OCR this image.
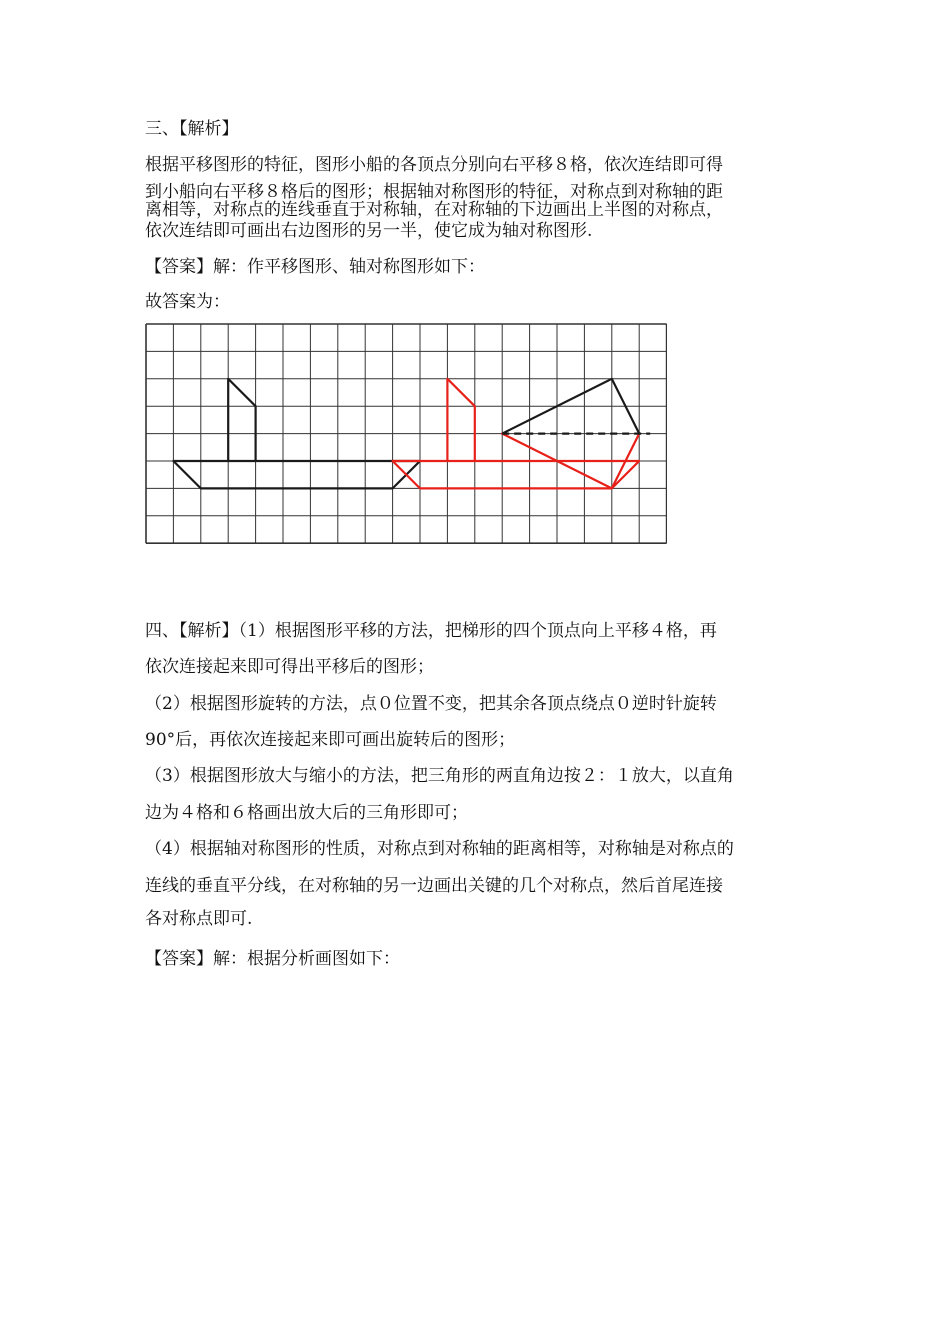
三、【解析】
根据平移图形的特征，图形小船的各顶点分别向右平移８格，依次连结即可得
到小船向右平移８格后的图形；根据轴对称图形的特征，对称点到对称轴的距
离相等，对称点的连线垂直于对称轴，在对称轴的下边画出上半图的对称点，
依次连结即可画出右边图形的另一半，使它成为轴对称图形.
【答案】解：作平移图形、轴对称图形如下：
故答案为：
四、【解析】（1）根据图形平移的方法，把梯形的四个顶点向上平移４格，再
依次连接起来即可得出平移后的图形；
（2）根据图形旋转的方法，点０位置不变，把其余各顶点绕点０逆时针旋转
90°后，再依次连接起来即可画出旋转后的图形；
（3）根据图形放大与缩小的方法，把三角形的两直角边按２：１放大，以直角
边为４格和６格画出放大后的三角形即可；
（4）根据轴对称图形的性质，对称点到对称轴的距离相等，对称轴是对称点的
连线的垂直平分线，在对称轴的另一边画出关键的几个对称点，然后首尾连接
各对称点即可.
【答案】解：根据分析画图如下：
